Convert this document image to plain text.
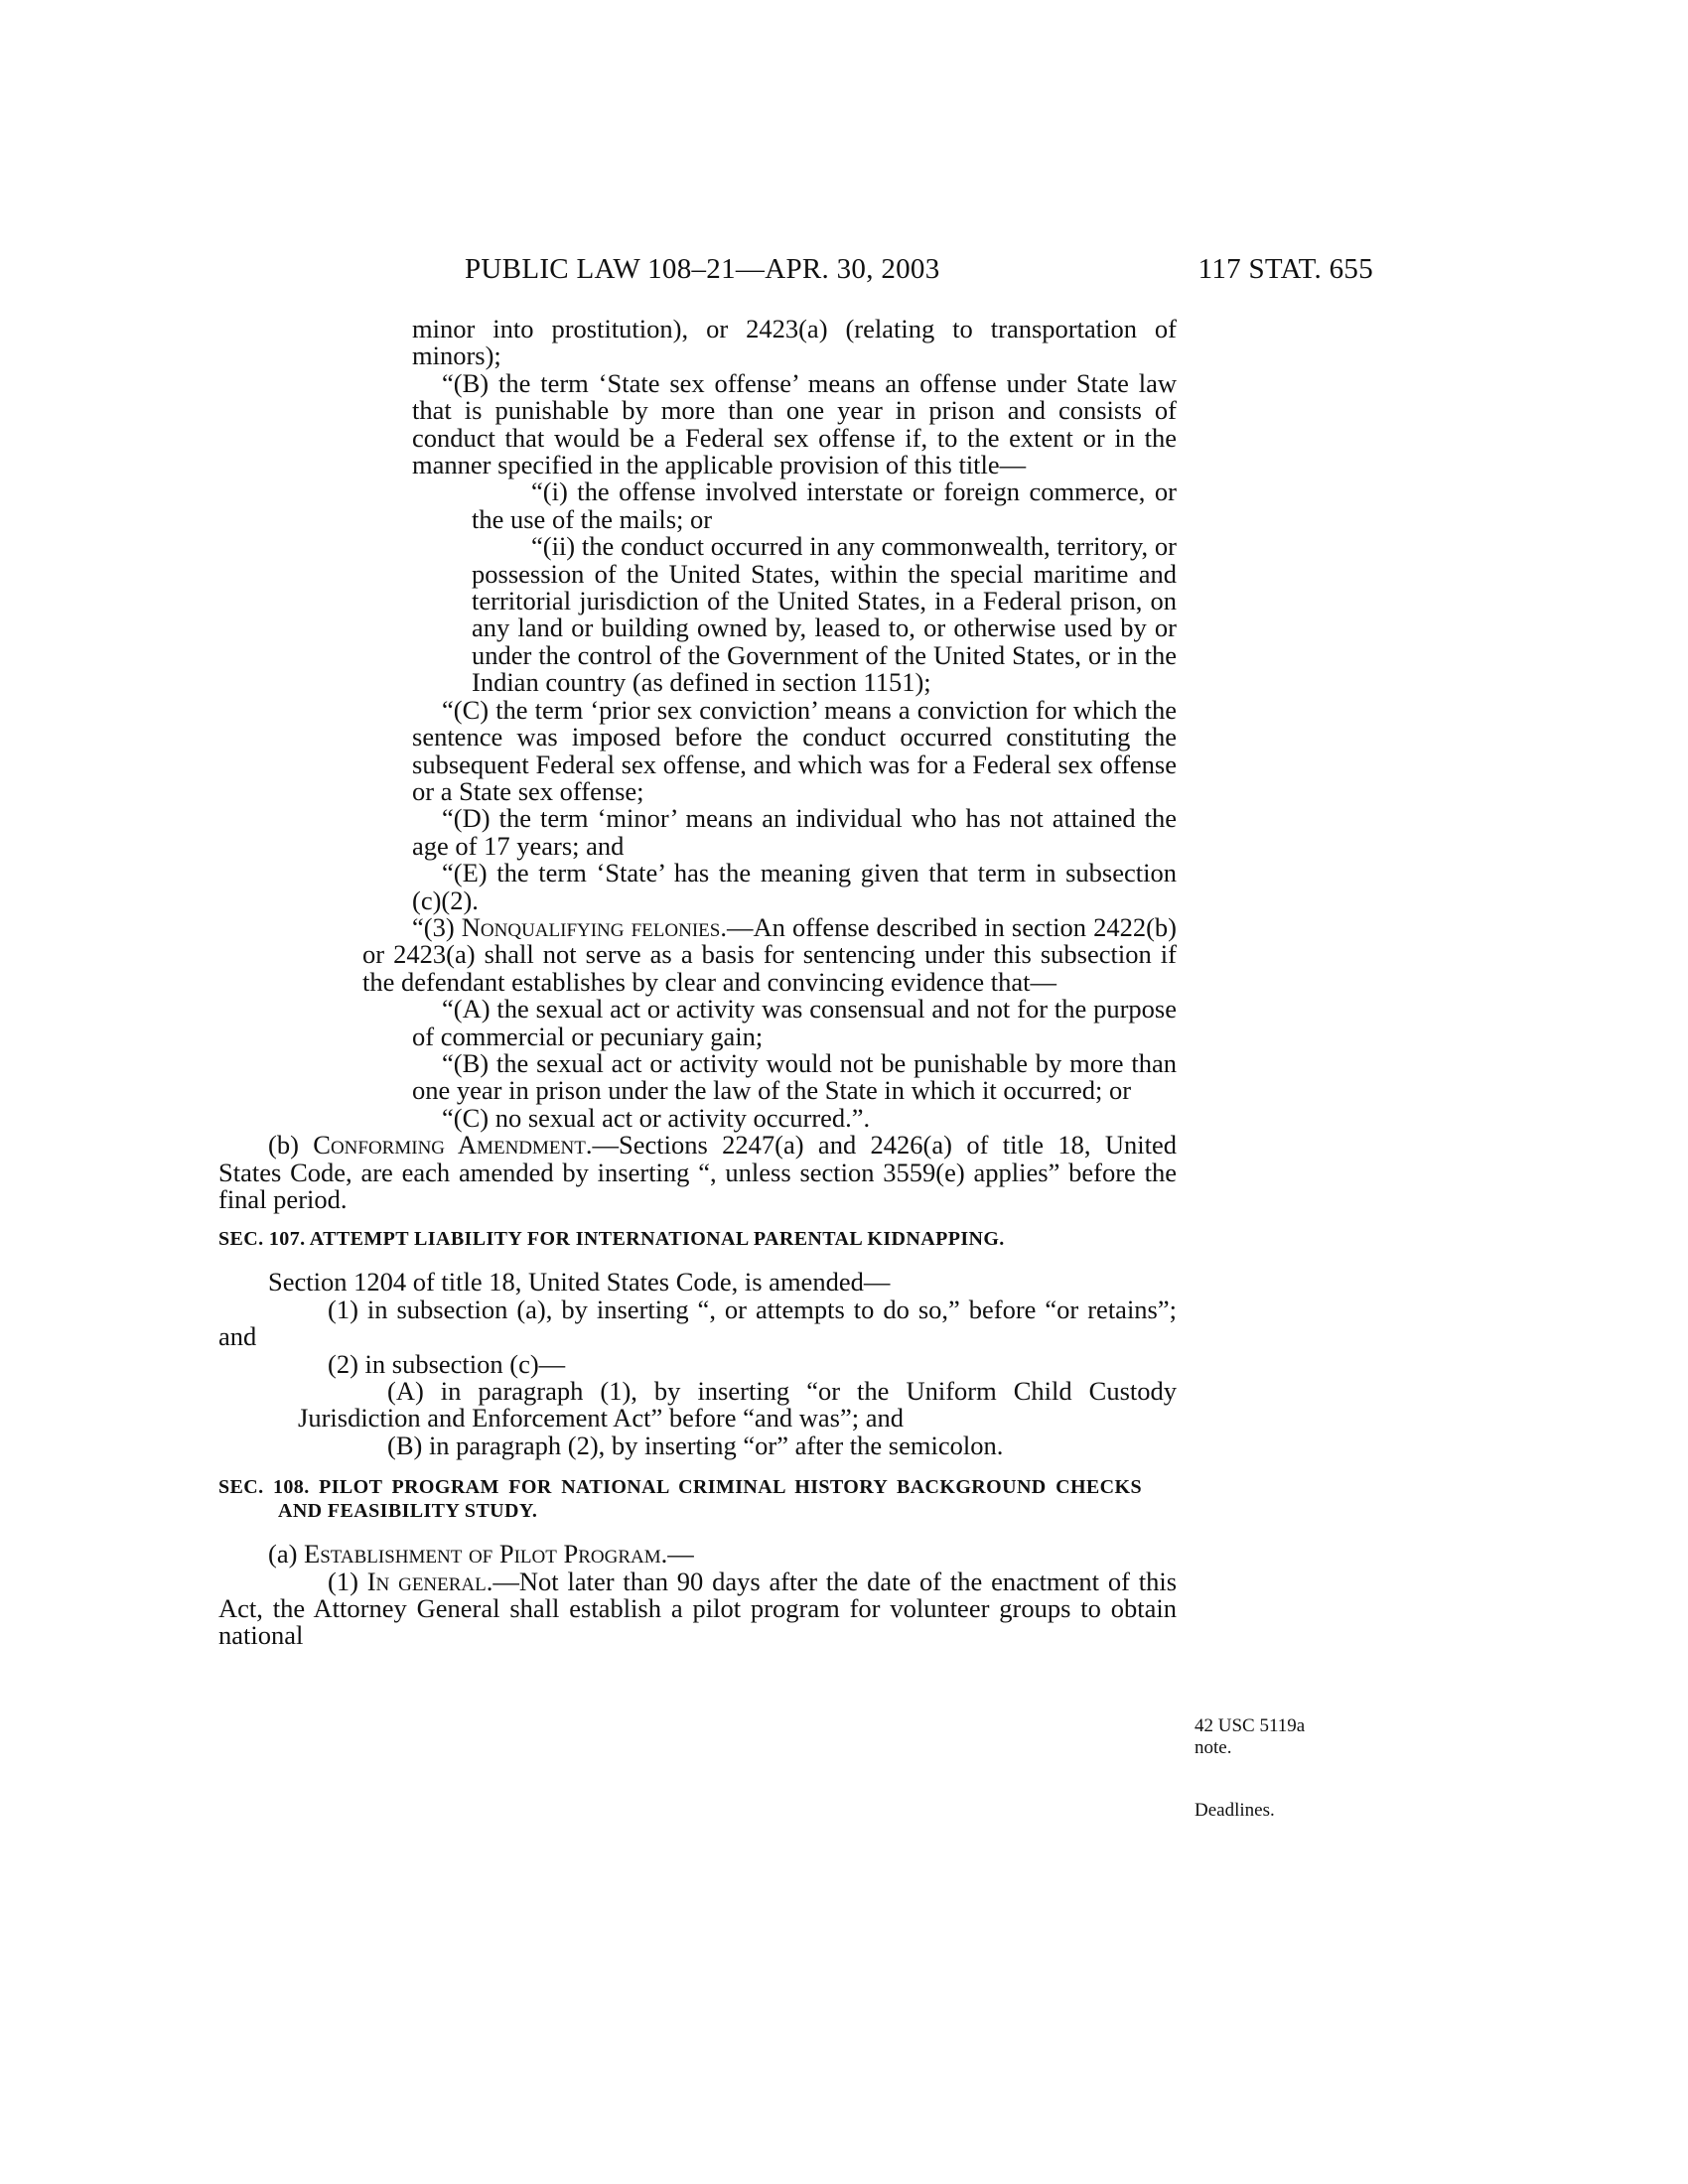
PUBLIC LAW 108–21—APR. 30, 2003	117 STAT. 655

minor into prostitution), or 2423(a) (relating to transportation of minors);

“(B) the term ‘State sex offense’ means an offense under State law that is punishable by more than one year in prison and consists of conduct that would be a Federal sex offense if, to the extent or in the manner specified in the applicable provision of this title—

“(i) the offense involved interstate or foreign commerce, or the use of the mails; or

“(ii) the conduct occurred in any commonwealth, territory, or possession of the United States, within the special maritime and territorial jurisdiction of the United States, in a Federal prison, on any land or building owned by, leased to, or otherwise used by or under the control of the Government of the United States, or in the Indian country (as defined in section 1151);

“(C) the term ‘prior sex conviction’ means a conviction for which the sentence was imposed before the conduct occurred constituting the subsequent Federal sex offense, and which was for a Federal sex offense or a State sex offense;

“(D) the term ‘minor’ means an individual who has not attained the age of 17 years; and

“(E) the term ‘State’ has the meaning given that term in subsection (c)(2).

“(3) Nonqualifying felonies.—An offense described in section 2422(b) or 2423(a) shall not serve as a basis for sentencing under this subsection if the defendant establishes by clear and convincing evidence that—

“(A) the sexual act or activity was consensual and not for the purpose of commercial or pecuniary gain;

“(B) the sexual act or activity would not be punishable by more than one year in prison under the law of the State in which it occurred; or

“(C) no sexual act or activity occurred.”.

(b) Conforming Amendment.—Sections 2247(a) and 2426(a) of title 18, United States Code, are each amended by inserting “, unless section 3559(e) applies” before the final period.

SEC. 107. ATTEMPT LIABILITY FOR INTERNATIONAL PARENTAL KIDNAPPING.

Section 1204 of title 18, United States Code, is amended—

(1) in subsection (a), by inserting “, or attempts to do so,” before “or retains”; and

(2) in subsection (c)—

(A) in paragraph (1), by inserting “or the Uniform Child Custody Jurisdiction and Enforcement Act” before “and was”; and

(B) in paragraph (2), by inserting “or” after the semicolon.

SEC. 108. PILOT PROGRAM FOR NATIONAL CRIMINAL HISTORY BACKGROUND CHECKS AND FEASIBILITY STUDY.

(a) Establishment of Pilot Program.—

(1) In general.—Not later than 90 days after the date of the enactment of this Act, the Attorney General shall establish a pilot program for volunteer groups to obtain national

42 USC 5119a
note.
Deadlines.
